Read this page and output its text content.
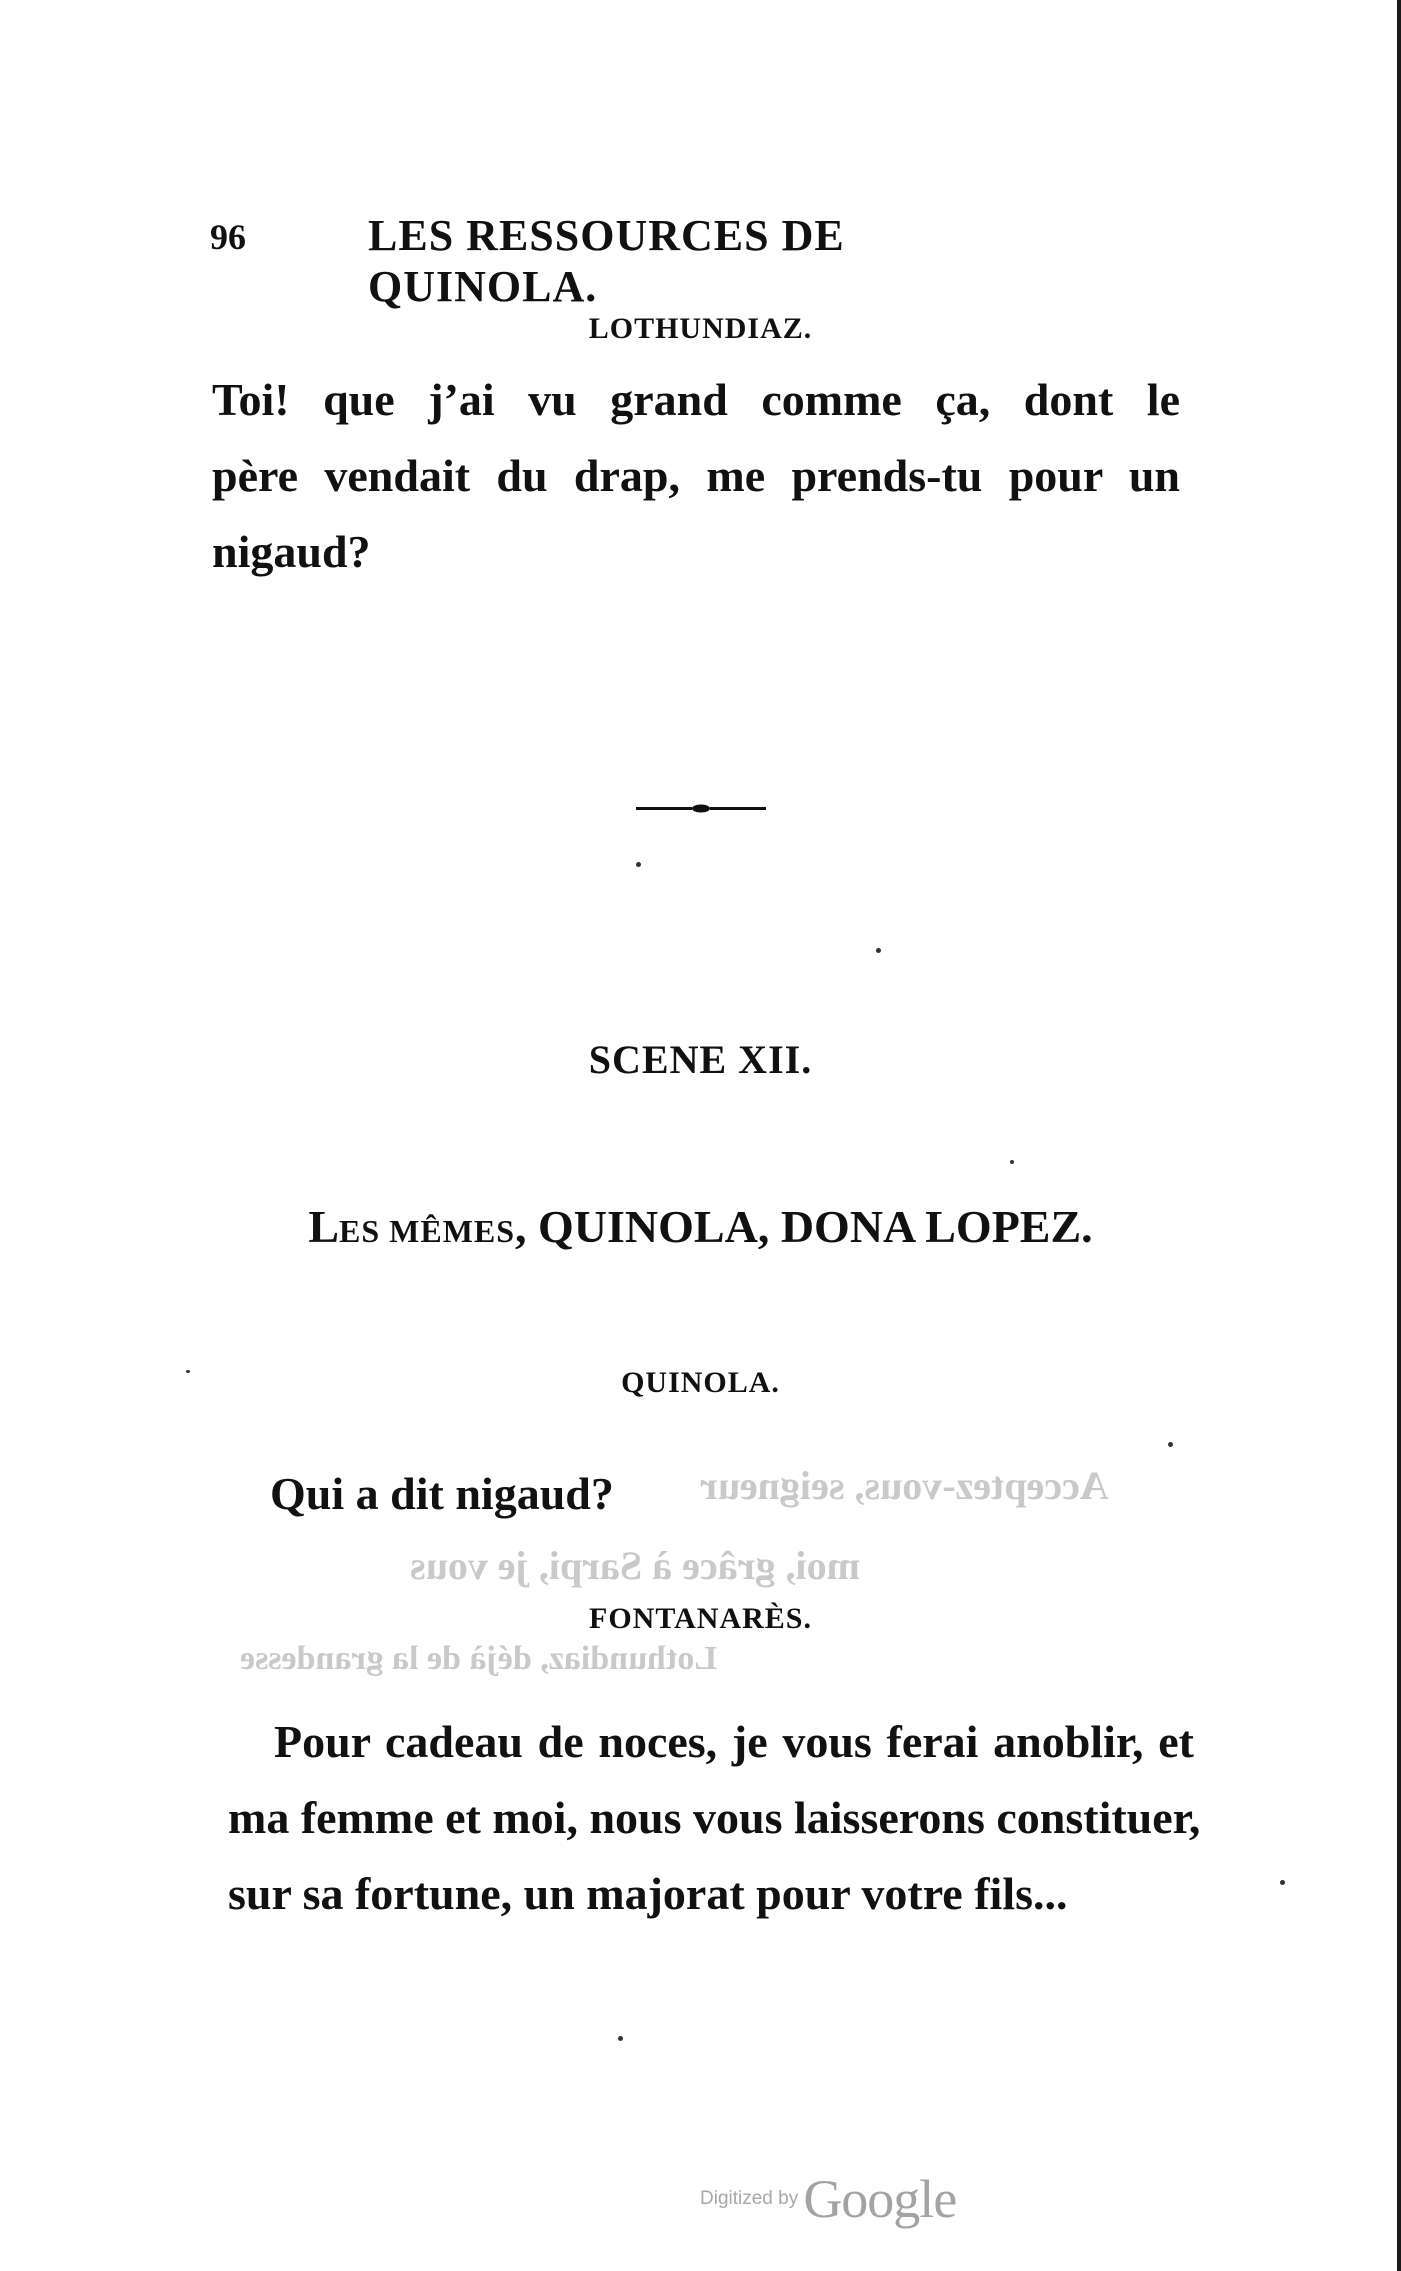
96	LES RESSOURCES DE QUINOLA.
LOTHUNDIAZ.
Toi! que j’ai vu grand comme ça, dont le
père vendait du drap, me prends-tu pour un
nigaud?
SCENE XII.
LES MÊMES, QUINOLA, DONA LOPEZ.
QUINOLA.
Qui a dit nigaud?	Acceptez-vous, seigneur
moi, grâce à Sarpi, je vous
Lothundiaz, déjà de la grandesse
FONTANARÈS.
Pour cadeau de noces, je vous ferai anoblir, et
ma femme et moi, nous vous laisserons constituer,
sur sa fortune, un majorat pour votre fils...
Digitized by Google
